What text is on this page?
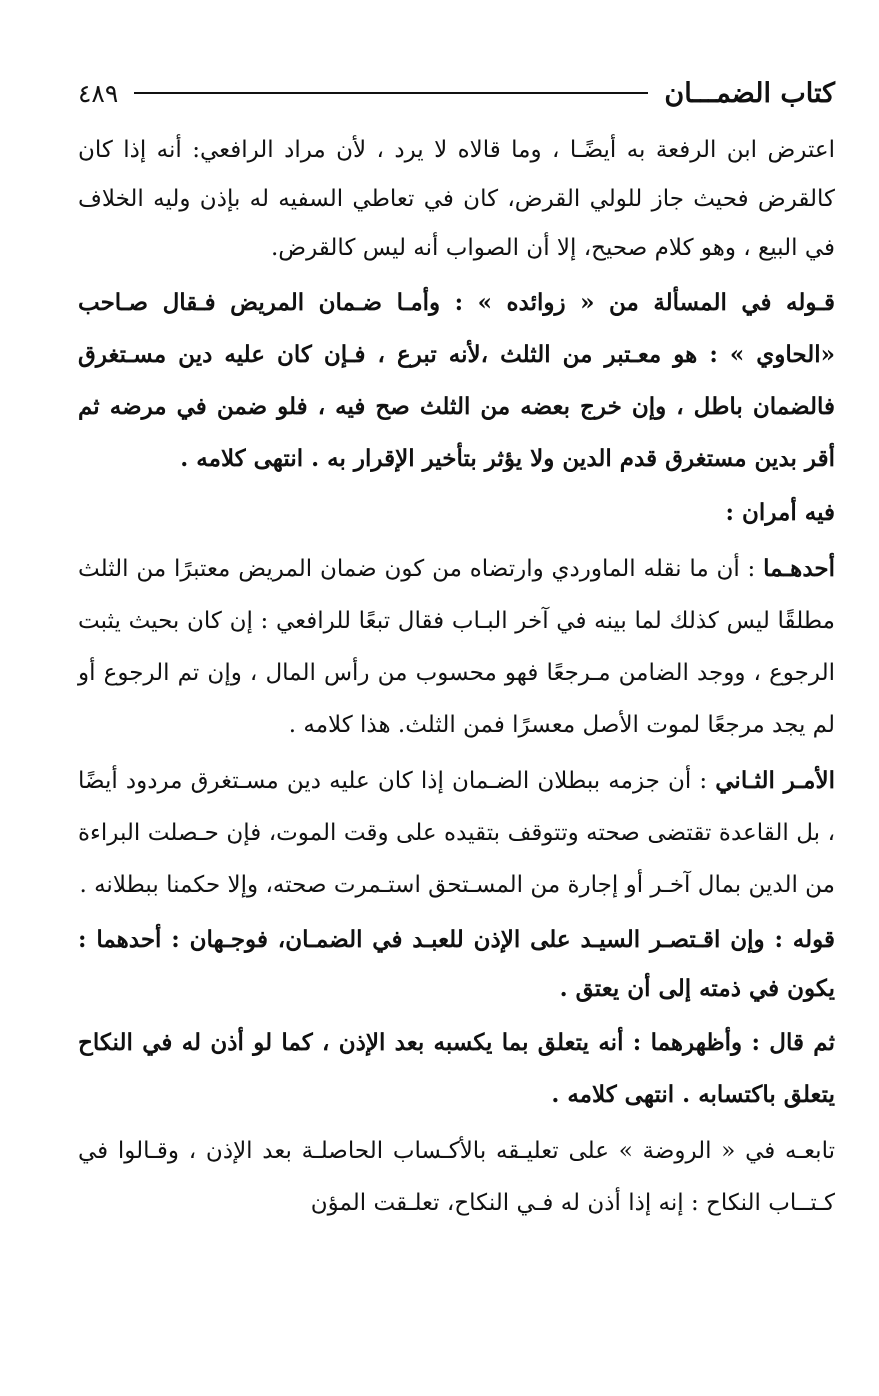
كتاب الضمـــان
٤٨٩

اعترض ابن الرفعة به أيضًـا ، وما قالاه لا يرد ، لأن مراد الرافعي: أنه إذا كان كالقرض فحيث جاز للولي القرض، كان في تعاطي السفيه له بإذن وليه الخلاف في البيع ، وهو كلام صحيح، إلا أن الصواب أنه ليس كالقرض.

قـوله في المسألة من « زوائده » : وأمـا ضـمان المريض فـقال صـاحب «الحاوي » : هو معـتبر من الثلث ،لأنه تبرع ، فـإن كان عليه دين مسـتغرق فالضمان باطل ، وإن خرج بعضه من الثلث صح فيه ، فلو ضمن في مرضه ثم أقر بدين مستغرق قدم الدين ولا يؤثر بتأخير الإقرار به . انتهى كلامه .

فيه أمران :

أحدهـما : أن ما نقله الماوردي وارتضاه من كون ضمان المريض معتبرًا من الثلث مطلقًا ليس كذلك لما بينه في آخر البـاب فقال تبعًا للرافعي : إن كان بحيث يثبت الرجوع ، ووجد الضامن مـرجعًا فهو محسوب من رأس المال ، وإن تم الرجوع أو لم يجد مرجعًا لموت الأصل معسرًا فمن الثلث. هذا كلامه .

الأمـر الثـاني : أن جزمه ببطلان الضـمان إذا كان عليه دين مسـتغرق مردود أيضًا ، بل القاعدة تقتضى صحته وتتوقف بتقيده على وقت الموت، فإن حـصلت البراءة من الدين بمال آخـر أو إجارة من المسـتحق استـمرت صحته، وإلا حكمنا ببطلانه .

قوله : وإن اقـتصـر السيـد على الإذن للعبـد في الضمـان، فوجـهان : أحدهما : يكون في ذمته إلى أن يعتق .

ثم قال : وأظهرهما : أنه يتعلق بما يكسبه بعد الإذن ، كما لو أذن له في النكاح يتعلق باكتسابه . انتهى كلامه .

تابعـه في « الروضة » على تعليـقه بالأكـساب الحاصلـة بعد الإذن ، وقـالوا في كـتــاب النكاح : إنه إذا أذن له فـي النكاح، تعلـقت المؤن
